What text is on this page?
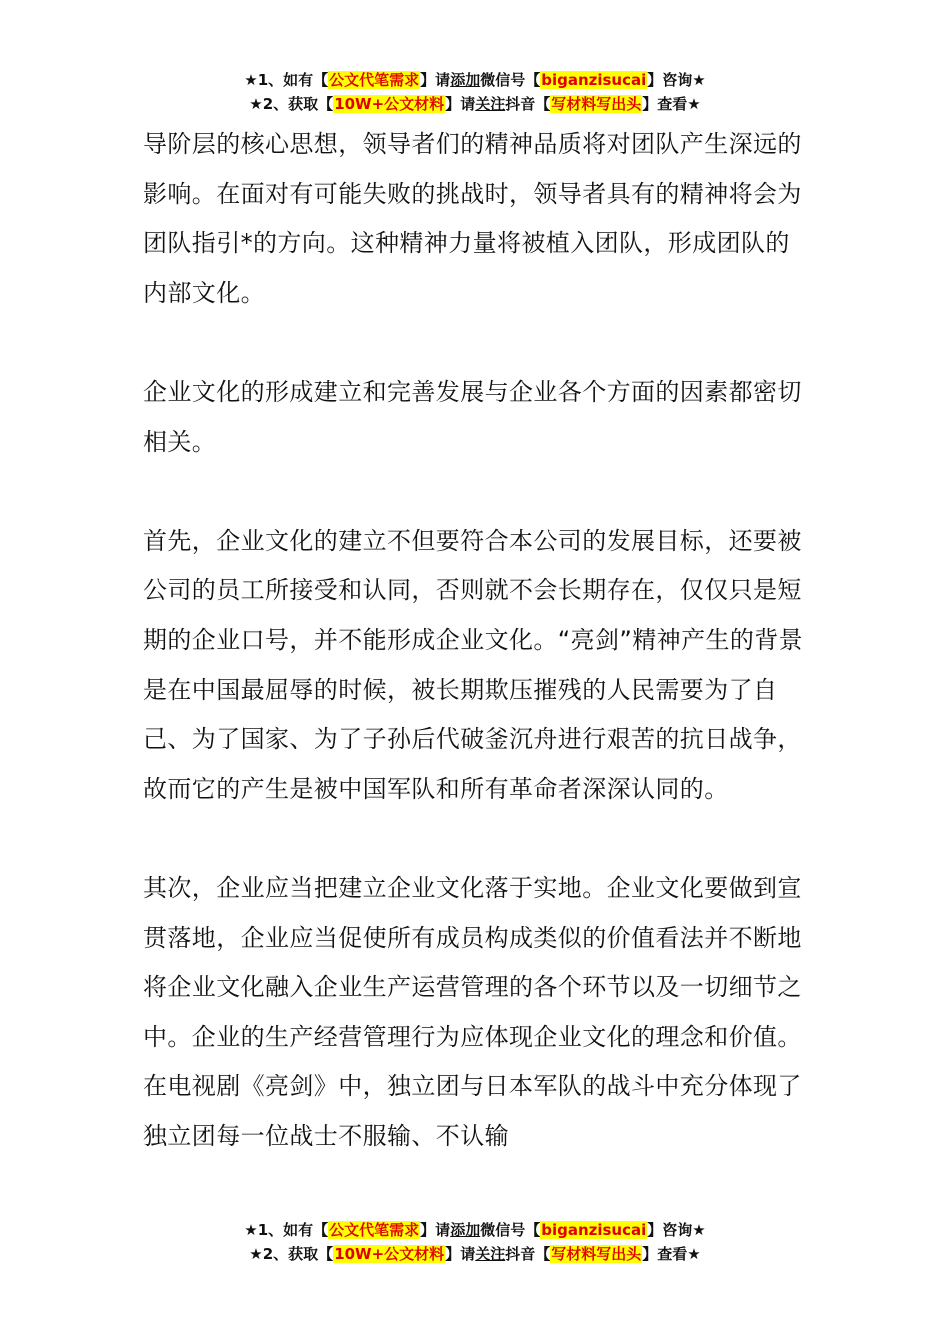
★1、如有【公文代笔需求】请添加微信号【biganzisucai】咨询★
★2、获取【10W+公文材料】请关注抖音【写材料写出头】查看★

导阶层的核心思想，领导者们的精神品质将对团队产生深远的影响。在面对有可能失败的挑战时，领导者具有的精神将会为团队指引*的方向。这种精神力量将被植入团队，形成团队的内部文化。

企业文化的形成建立和完善发展与企业各个方面的因素都密切相关。

首先，企业文化的建立不但要符合本公司的发展目标，还要被公司的员工所接受和认同，否则就不会长期存在，仅仅只是短期的企业口号，并不能形成企业文化。“亮剑”精神产生的背景是在中国最屈辱的时候，被长期欺压摧残的人民需要为了自己、为了国家、为了子孙后代破釜沉舟进行艰苦的抗日战争，故而它的产生是被中国军队和所有革命者深深认同的。

其次，企业应当把建立企业文化落于实地。企业文化要做到宣贯落地，企业应当促使所有成员构成类似的价值看法并不断地将企业文化融入企业生产运营管理的各个环节以及一切细节之中。企业的生产经营管理行为应体现企业文化的理念和价值。在电视剧《亮剑》中，独立团与日本军队的战斗中充分体现了独立团每一位战士不服输、不认输

★1、如有【公文代笔需求】请添加微信号【biganzisucai】咨询★
★2、获取【10W+公文材料】请关注抖音【写材料写出头】查看★
